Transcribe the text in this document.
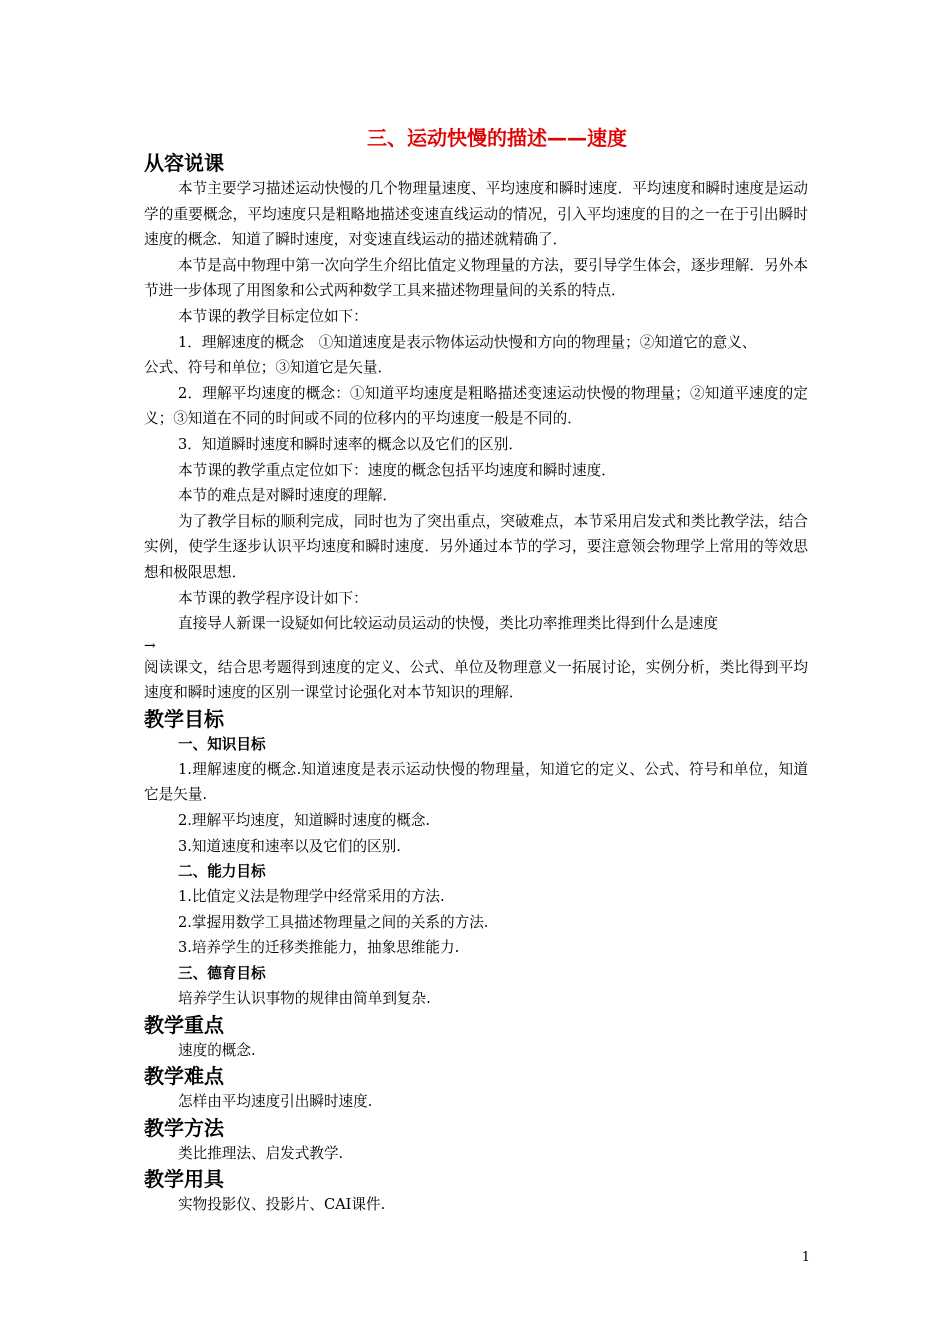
三、运动快慢的描述——速度
从容说课

本节主要学习描述运动快慢的几个物理量速度、平均速度和瞬时速度．平均速度和瞬时速度是运动学的重要概念，平均速度只是粗略地描述变速直线运动的情况，引入平均速度的目的之一在于引出瞬时速度的概念．知道了瞬时速度，对变速直线运动的描述就精确了．

本节是高中物理中第一次向学生介绍比值定义物理量的方法，要引导学生体会，逐步理解．另外本节进一步体现了用图象和公式两种数学工具来描述物理量间的关系的特点．

本节课的教学目标定位如下：

1．理解速度的概念　①知道速度是表示物体运动快慢和方向的物理量；②知道它的意义、

公式、符号和单位；③知道它是矢量．

2．理解平均速度的概念：①知道平均速度是粗略描述变速运动快慢的物理量；②知道平速度的定义；③知道在不同的时间或不同的位移内的平均速度一般是不同的．

3．知道瞬时速度和瞬时速率的概念以及它们的区别．

本节课的教学重点定位如下：速度的概念包括平均速度和瞬时速度．

本节的难点是对瞬时速度的理解．

为了教学目标的顺利完成，同时也为了突出重点，突破难点，本节采用启发式和类比教学法，结合实例，使学生逐步认识平均速度和瞬时速度．另外通过本节的学习，要注意领会物理学上常用的等效思想和极限思想．

本节课的教学程序设计如下：

直接导人新课一设疑如何比较运动员运动的快慢，类比功率推理类比得到什么是速度

→

阅读课文，结合思考题得到速度的定义、公式、单位及物理意义一拓展讨论，实例分析，类比得到平均速度和瞬时速度的区别一课堂讨论强化对本节知识的理解．

教学目标
一、知识目标

1.理解速度的概念.知道速度是表示运动快慢的物理量，知道它的定义、公式、符号和单位，知道它是矢量.

2.理解平均速度，知道瞬时速度的概念.

3.知道速度和速率以及它们的区别.

二、能力目标

1.比值定义法是物理学中经常采用的方法.

2.掌握用数学工具描述物理量之间的关系的方法.

3.培养学生的迁移类推能力，抽象思维能力.

三、德育目标

培养学生认识事物的规律由简单到复杂.

教学重点

速度的概念.

教学难点

怎样由平均速度引出瞬时速度.

教学方法

类比推理法、启发式教学.

教学用具

实物投影仪、投影片、CAI课件.

1
